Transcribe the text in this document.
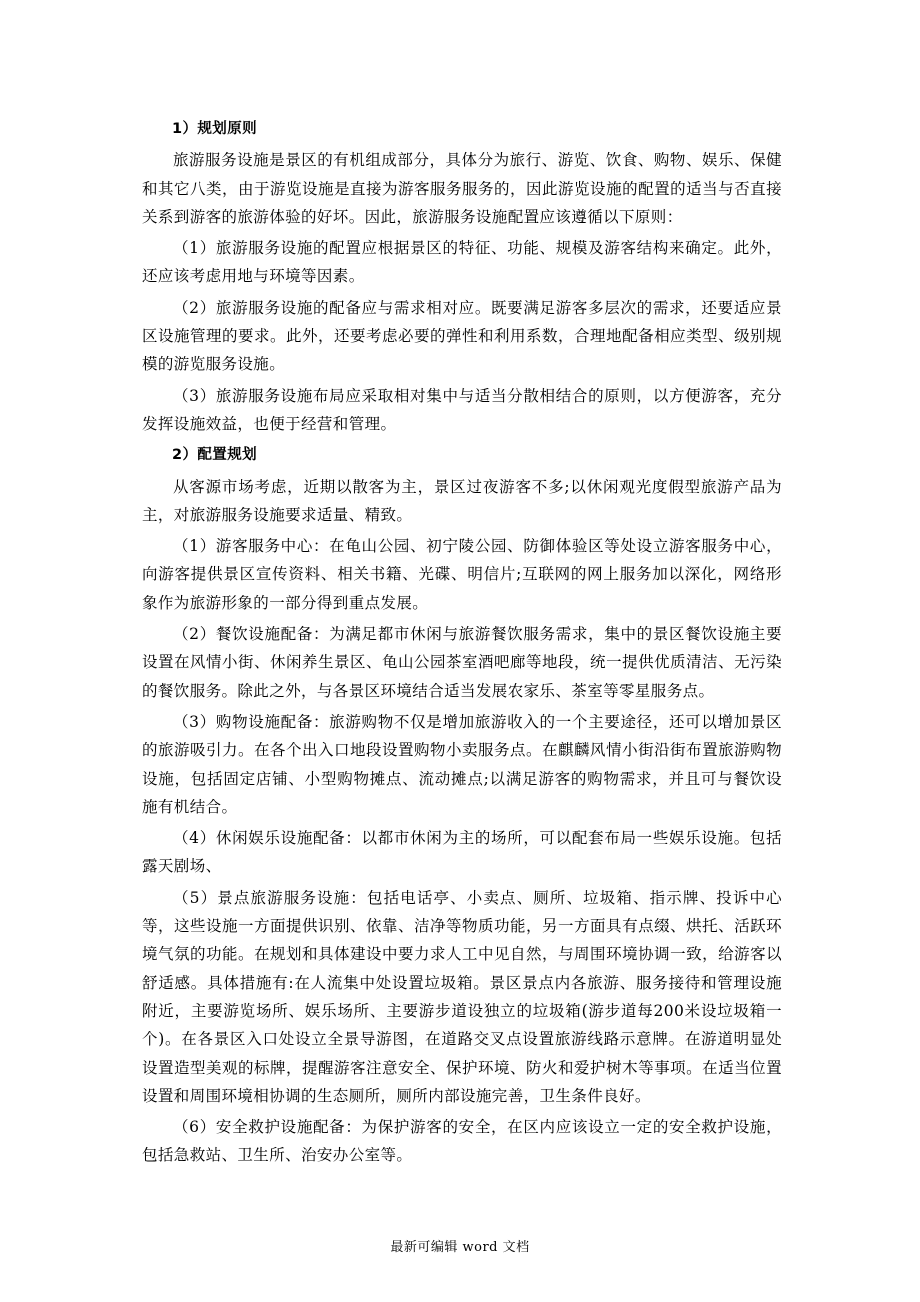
1）规划原则

旅游服务设施是景区的有机组成部分，具体分为旅行、游览、饮食、购物、娱乐、保健和其它八类，由于游览设施是直接为游客服务服务的，因此游览设施的配置的适当与否直接关系到游客的旅游体验的好坏。因此，旅游服务设施配置应该遵循以下原则：

（1）旅游服务设施的配置应根据景区的特征、功能、规模及游客结构来确定。此外，还应该考虑用地与环境等因素。

（2）旅游服务设施的配备应与需求相对应。既要满足游客多层次的需求，还要适应景区设施管理的要求。此外，还要考虑必要的弹性和利用系数，合理地配备相应类型、级别规模的游览服务设施。

（3）旅游服务设施布局应采取相对集中与适当分散相结合的原则，以方便游客，充分发挥设施效益，也便于经营和管理。

2）配置规划

从客源市场考虑，近期以散客为主，景区过夜游客不多;以休闲观光度假型旅游产品为主，对旅游服务设施要求适量、精致。

（1）游客服务中心：在龟山公园、初宁陵公园、防御体验区等处设立游客服务中心，向游客提供景区宣传资料、相关书籍、光碟、明信片;互联网的网上服务加以深化，网络形象作为旅游形象的一部分得到重点发展。

（2）餐饮设施配备：为满足都市休闲与旅游餐饮服务需求，集中的景区餐饮设施主要设置在风情小街、休闲养生景区、龟山公园茶室酒吧廊等地段，统一提供优质清洁、无污染的餐饮服务。除此之外，与各景区环境结合适当发展农家乐、茶室等零星服务点。

（3）购物设施配备：旅游购物不仅是增加旅游收入的一个主要途径，还可以增加景区的旅游吸引力。在各个出入口地段设置购物小卖服务点。在麒麟风情小街沿街布置旅游购物设施，包括固定店铺、小型购物摊点、流动摊点;以满足游客的购物需求，并且可与餐饮设施有机结合。

（4）休闲娱乐设施配备：以都市休闲为主的场所，可以配套布局一些娱乐设施。包括露天剧场、

（5）景点旅游服务设施：包括电话亭、小卖点、厕所、垃圾箱、指示牌、投诉中心等，这些设施一方面提供识别、依靠、洁净等物质功能，另一方面具有点缀、烘托、活跃环境气氛的功能。在规划和具体建设中要力求人工中见自然，与周围环境协调一致，给游客以舒适感。具体措施有:在人流集中处设置垃圾箱。景区景点内各旅游、服务接待和管理设施附近，主要游览场所、娱乐场所、主要游步道设独立的垃圾箱(游步道每200米设垃圾箱一个)。在各景区入口处设立全景导游图，在道路交叉点设置旅游线路示意牌。在游道明显处设置造型美观的标牌，提醒游客注意安全、保护环境、防火和爱护树木等事项。在适当位置设置和周围环境相协调的生态厕所，厕所内部设施完善，卫生条件良好。

（6）安全救护设施配备：为保护游客的安全，在区内应该设立一定的安全救护设施，包括急救站、卫生所、治安办公室等。

最新可编辑 word 文档
